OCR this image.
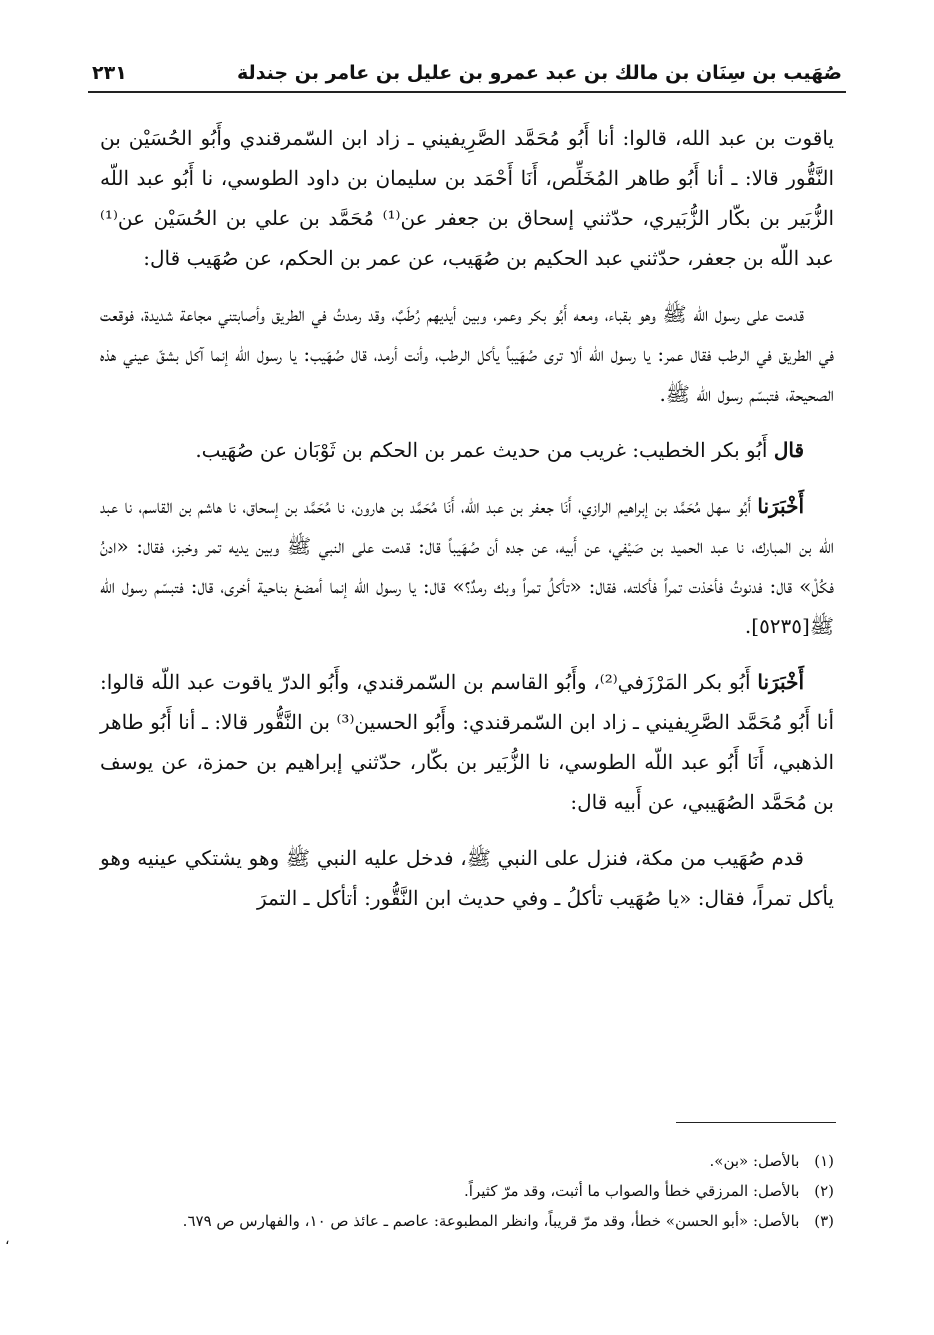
صُهَيب بن سِنَان بن مالك بن عبد عمرو بن عليل بن عامر بن جندلة
٢٣١

ياقوت بن عبد الله، قالوا: أنا أَبُو مُحَمَّد الصَّرِيفيني ـ زاد ابن السّمرقندي وأَبُو الحُسَيْن بن النَّقُّور قالا: ـ أنا أَبُو طاهر المُخَلِّص، أَنَا أَحْمَد بن سليمان بن داود الطوسي، نا أَبُو عبد اللّه الزُّبَير بن بكّار الزُّبَيري، حدّثني إسحاق بن جعفر عن⁽¹⁾ مُحَمَّد بن علي بن الحُسَيْن عن⁽¹⁾ عبد اللّه بن جعفر، حدّثني عبد الحكيم بن صُهَيب، عن عمر بن الحكم، عن صُهَيب قال:

قدمت على رسول الله ﷺ وهو بقباء، ومعه أَبُو بكر وعمر، وبين أيديهم رُطَبٌ، وقد رمدتُ في الطريق وأصابتني مجاعة شديدة، فوقعت في الطريق في الرطب فقال عمر: يا رسول الله ألا ترى صُهَيباً يأكل الرطب، وأنت أرمد، قال صُهَيب: يا رسول الله إنما آكل بشقّ عيني هذه الصحيحة، فتبسّم رسول الله ﷺ.

قال أَبُو بكر الخطيب: غريب من حديث عمر بن الحكم بن ثَوْبَان عن صُهَيب.

أَخْبَرَنا أَبُو سهل مُحَمَّد بن إبراهيم الرازي، أَنَا جعفر بن عبد اللّه، أَنَا مُحَمَّد بن هارون، نا مُحَمَّد بن إسحاق، نا هاشم بن القاسم، نا عبد اللّه بن المبارك، نا عبد الحميد بن صَيْفي، عن أَبيه، عن جده أن صُهَيباً قال: قدمت على النبي ﷺ وبين يديه تمر وخبز، فقال: «ادنُ فكُلْ» قال: فدنوتُ فأخذت تمراً فأكلته، فقال: «تأكلُ تمراً وبك رمدٌ؟» قال: يا رسول الله إنما أمضغ بناحية أخرى، قال: فتبسّم رسول الله ﷺ[٥٢٣٥].

أَخْبَرَنا أَبُو بكر المَرْزَفي⁽²⁾، وأَبُو القاسم بن السّمرقندي، وأَبُو الدرّ ياقوت عبد اللّه قالوا: أنا أَبُو مُحَمَّد الصَّرِيفيني ـ زاد ابن السّمرقندي: وأَبُو الحسين⁽³⁾ بن النَّقُّور قالا: ـ أنا أَبُو طاهر الذهبي، أَنَا أَبُو عبد اللّه الطوسي، نا الزُّبَير بن بكّار، حدّثني إبراهيم بن حمزة، عن يوسف بن مُحَمَّد الصُهَيبي، عن أَبيه قال:

قدم صُهَيب من مكة، فنزل على النبي ﷺ، فدخل عليه النبي ﷺ وهو يشتكي عينيه وهو يأكل تمراً، فقال: «يا صُهَيب تأكلُ ـ وفي حديث ابن النَّقُّور: أتأكل ـ التمرَ

(١) بالأصل: «بن».

(٢) بالأصل: المرزقي خطأ والصواب ما أثبت، وقد مرّ كثيراً.

(٣) بالأصل: «أبو الحسن» خطأ، وقد مرّ قريباً، وانظر المطبوعة: عاصم ـ عائذ ص ١٠، والفهارس ص ٦٧٩.

،
